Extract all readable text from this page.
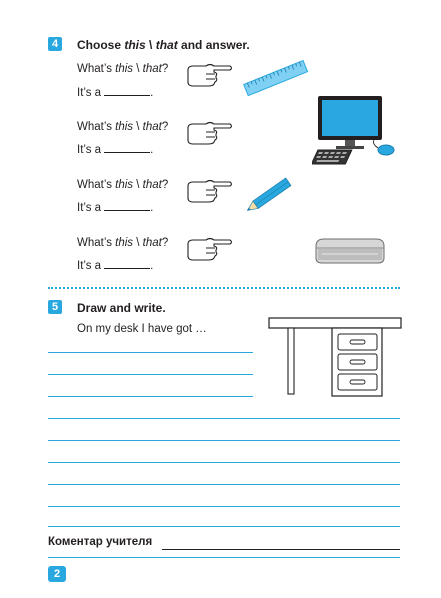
4	Choose this \ that and answer.
What’s this \ that?
It’s a	.
What’s this \ that?
It’s a	.
What’s this \ that?
It’s a	.
What’s this \ that?
It’s a	.
5	Draw and write.
On my desk I have got …
Коментар учителя
2
